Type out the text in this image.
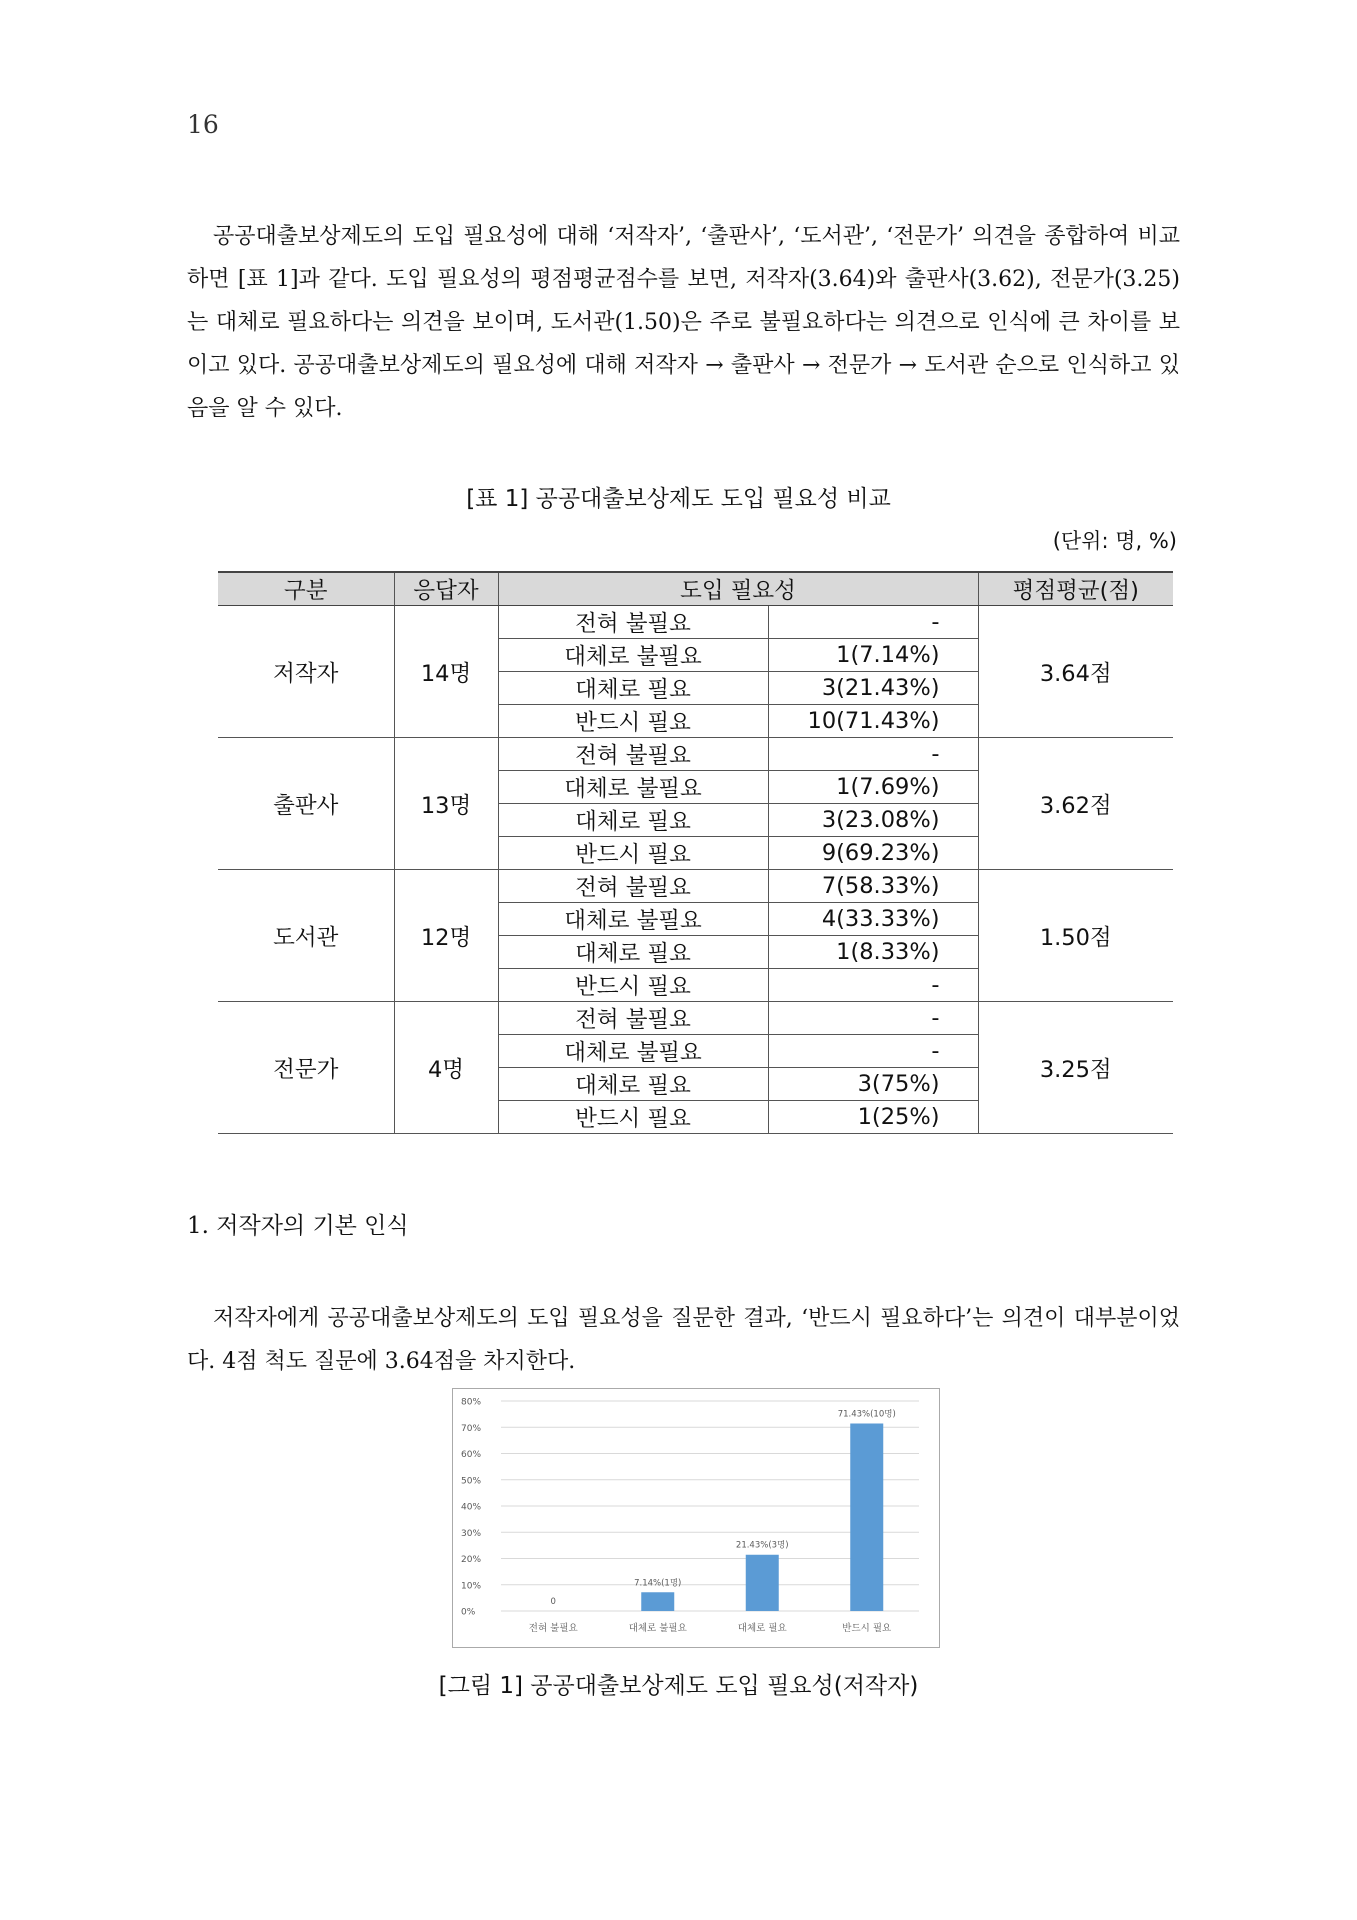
16

공공대출보상제도의 도입 필요성에 대해 ‘저작자’, ‘출판사’, ‘도서관’, ‘전문가’ 의견을 종합하여 비교하면 [표 1]과 같다. 도입 필요성의 평점평균점수를 보면, 저작자(3.64)와 출판사(3.62), 전문가(3.25)는 대체로 필요하다는 의견을 보이며, 도서관(1.50)은 주로 불필요하다는 의견으로 인식에 큰 차이를 보이고 있다. 공공대출보상제도의 필요성에 대해 저작자 → 출판사 → 전문가 → 도서관 순으로 인식하고 있음을 알 수 있다.

[표 1] 공공대출보상제도 도입 필요성 비교
(단위: 명, %)
구분	응답자	도입 필요성		평점평균(점)
저작자	14명	전혀 불필요	-	3.64점
		대체로 불필요	1(7.14%)	
		대체로 필요	3(21.43%)	
		반드시 필요	10(71.43%)	
출판사	13명	전혀 불필요	-	3.62점
		대체로 불필요	1(7.69%)	
		대체로 필요	3(23.08%)	
		반드시 필요	9(69.23%)	
도서관	12명	전혀 불필요	7(58.33%)	1.50점
		대체로 불필요	4(33.33%)	
		대체로 필요	1(8.33%)	
		반드시 필요	-	
전문가	4명	전혀 불필요	-	3.25점
		대체로 불필요	-	
		대체로 필요	3(75%)	
		반드시 필요	1(25%)	
1. 저작자의 기본 인식

저작자에게 공공대출보상제도의 도입 필요성을 질문한 결과, ‘반드시 필요하다’는 의견이 대부분이었다. 4점 척도 질문에 3.64점을 차지한다.

0%
10%
20%
30%
40%
50%
60%
70%
80%
0
전혀 불필요
7.14%(1명)
대체로 불필요
21.43%(3명)
대체로 필요
71.43%(10명)
반드시 필요
[그림 1] 공공대출보상제도 도입 필요성(저작자)
